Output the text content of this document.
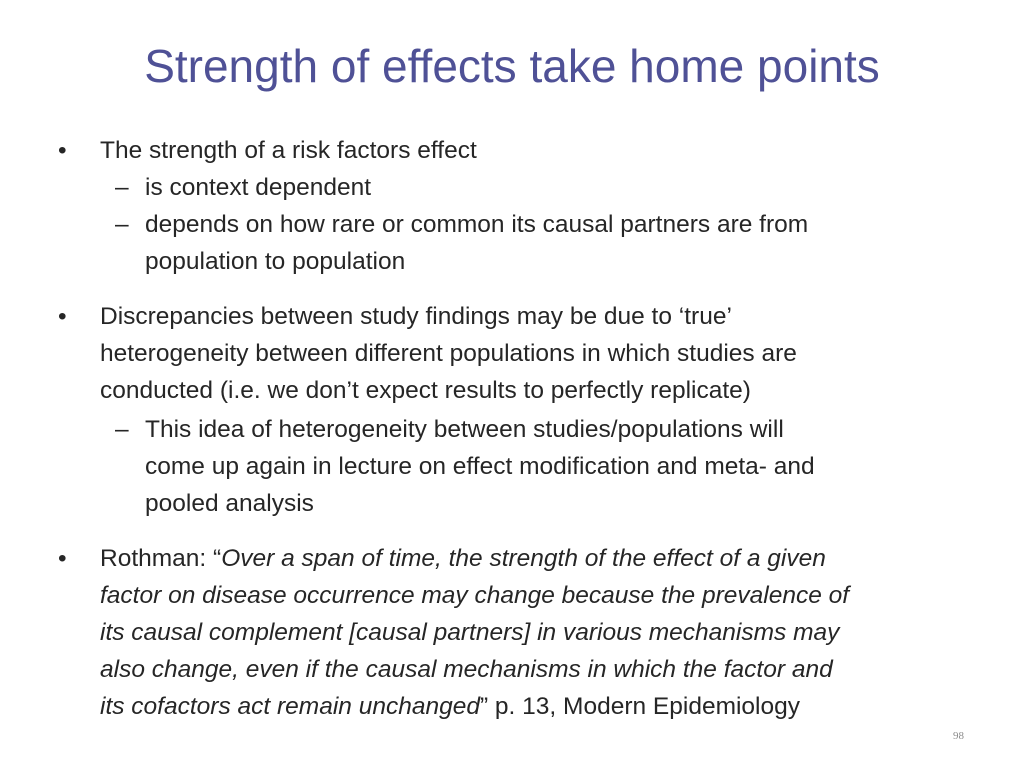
Strength of effects take home points
•	The strength of a risk factors effect
– is context dependent
– depends on how rare or common its causal partners are from
population to population
•	Discrepancies between study findings may be due to ‘true’
heterogeneity between different populations in which studies are
conducted (i.e. we don’t expect results to perfectly replicate)
– This idea of heterogeneity between studies/populations will
come up again in lecture on effect modification and meta- and
pooled analysis
•	Rothman: “Over a span of time, the strength of the effect of a given
factor on disease occurrence may change because the prevalence of
its causal complement [causal partners] in various mechanisms may
also change, even if the causal mechanisms in which the factor and
its cofactors act remain unchanged” p. 13, Modern Epidemiology
98
